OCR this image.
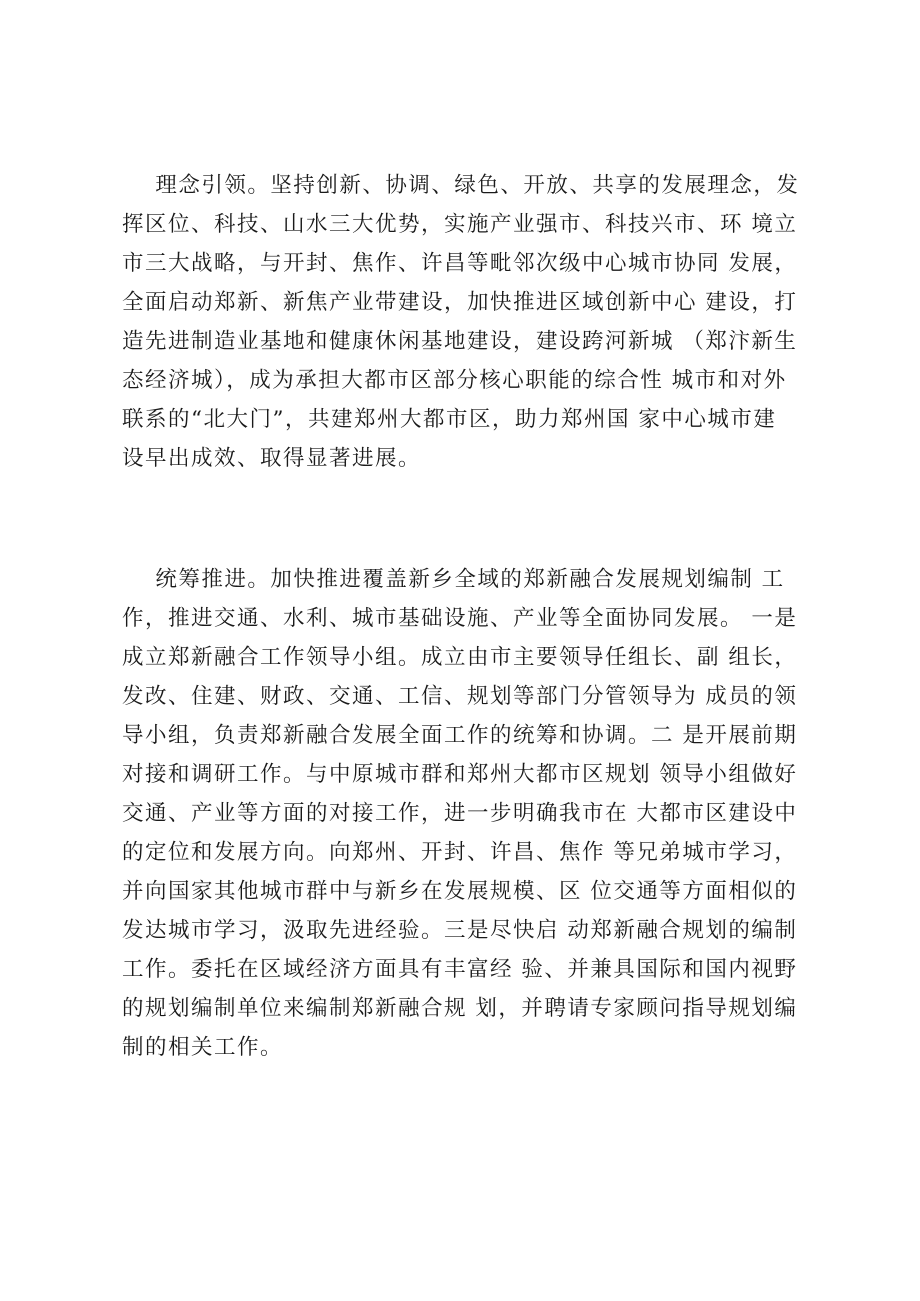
理念引领。坚持创新、协调、绿色、开放、共享的发展理念，发
挥区位、科技、山水三大优势，实施产业强市、科技兴市、环 境立
市三大战略，与开封、焦作、许昌等毗邻次级中心城市协同 发展，
全面启动郑新、新焦产业带建设，加快推进区域创新中心 建设，打
造先进制造业基地和健康休闲基地建设，建设跨河新城 （郑汴新生
态经济城），成为承担大都市区部分核心职能的综合性 城市和对外
联系的“北大门”，共建郑州大都市区，助力郑州国 家中心城市建
设早出成效、取得显著进展。
统筹推进。加快推进覆盖新乡全域的郑新融合发展规划编制 工
作，推进交通、水利、城市基础设施、产业等全面协同发展。 一是
成立郑新融合工作领导小组。成立由市主要领导任组长、副 组长，
发改、住建、财政、交通、工信、规划等部门分管领导为 成员的领
导小组，负责郑新融合发展全面工作的统筹和协调。二 是开展前期
对接和调研工作。与中原城市群和郑州大都市区规划 领导小组做好
交通、产业等方面的对接工作，进一步明确我市在 大都市区建设中
的定位和发展方向。向郑州、开封、许昌、焦作 等兄弟城市学习，
并向国家其他城市群中与新乡在发展规模、区 位交通等方面相似的
发达城市学习，汲取先进经验。三是尽快启 动郑新融合规划的编制
工作。委托在区域经济方面具有丰富经 验、并兼具国际和国内视野
的规划编制单位来编制郑新融合规 划，并聘请专家顾问指导规划编
制的相关工作。
